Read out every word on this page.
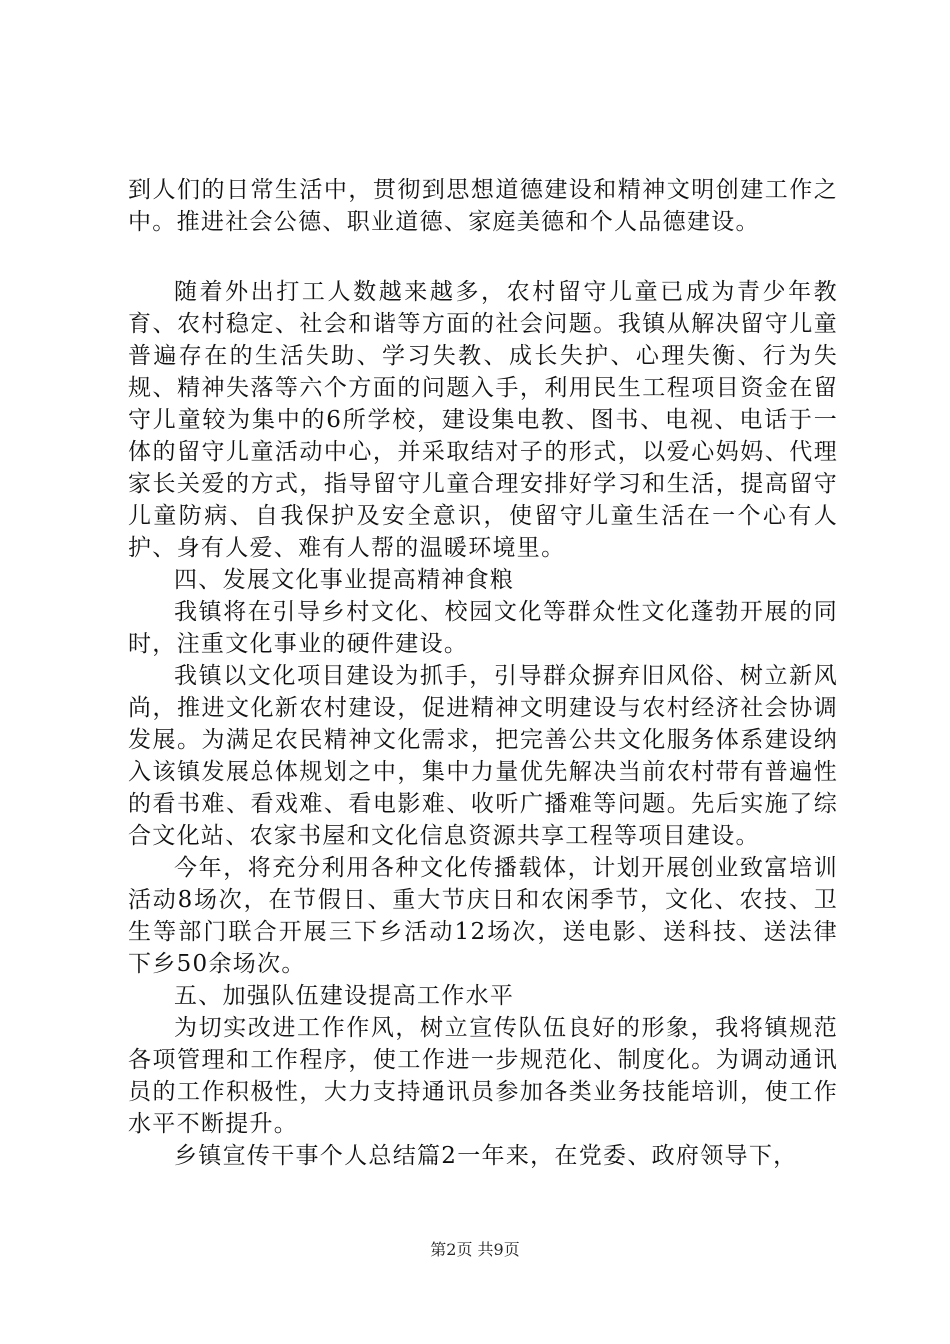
到人们的日常生活中，贯彻到思想道德建设和精神文明创建工作之中。推进社会公德、职业道德、家庭美德和个人品德建设。

随着外出打工人数越来越多，农村留守儿童已成为青少年教育、农村稳定、社会和谐等方面的社会问题。我镇从解决留守儿童普遍存在的生活失助、学习失教、成长失护、心理失衡、行为失规、精神失落等六个方面的问题入手，利用民生工程项目资金在留守儿童较为集中的6所学校，建设集电教、图书、电视、电话于一体的留守儿童活动中心，并采取结对子的形式，以爱心妈妈、代理家长关爱的方式，指导留守儿童合理安排好学习和生活，提高留守儿童防病、自我保护及安全意识，使留守儿童生活在一个心有人护、身有人爱、难有人帮的温暖环境里。

四、发展文化事业提高精神食粮

我镇将在引导乡村文化、校园文化等群众性文化蓬勃开展的同时，注重文化事业的硬件建设。

我镇以文化项目建设为抓手，引导群众摒弃旧风俗、树立新风尚，推进文化新农村建设，促进精神文明建设与农村经济社会协调发展。为满足农民精神文化需求，把完善公共文化服务体系建设纳入该镇发展总体规划之中，集中力量优先解决当前农村带有普遍性的看书难、看戏难、看电影难、收听广播难等问题。先后实施了综合文化站、农家书屋和文化信息资源共享工程等项目建设。

今年，将充分利用各种文化传播载体，计划开展创业致富培训活动8场次，在节假日、重大节庆日和农闲季节，文化、农技、卫生等部门联合开展三下乡活动12场次，送电影、送科技、送法律下乡50余场次。

五、加强队伍建设提高工作水平

为切实改进工作作风，树立宣传队伍良好的形象，我将镇规范各项管理和工作程序，使工作进一步规范化、制度化。为调动通讯员的工作积极性，大力支持通讯员参加各类业务技能培训，使工作水平不断提升。

乡镇宣传干事个人总结篇2一年来，在党委、政府领导下，

第2页 共9页
